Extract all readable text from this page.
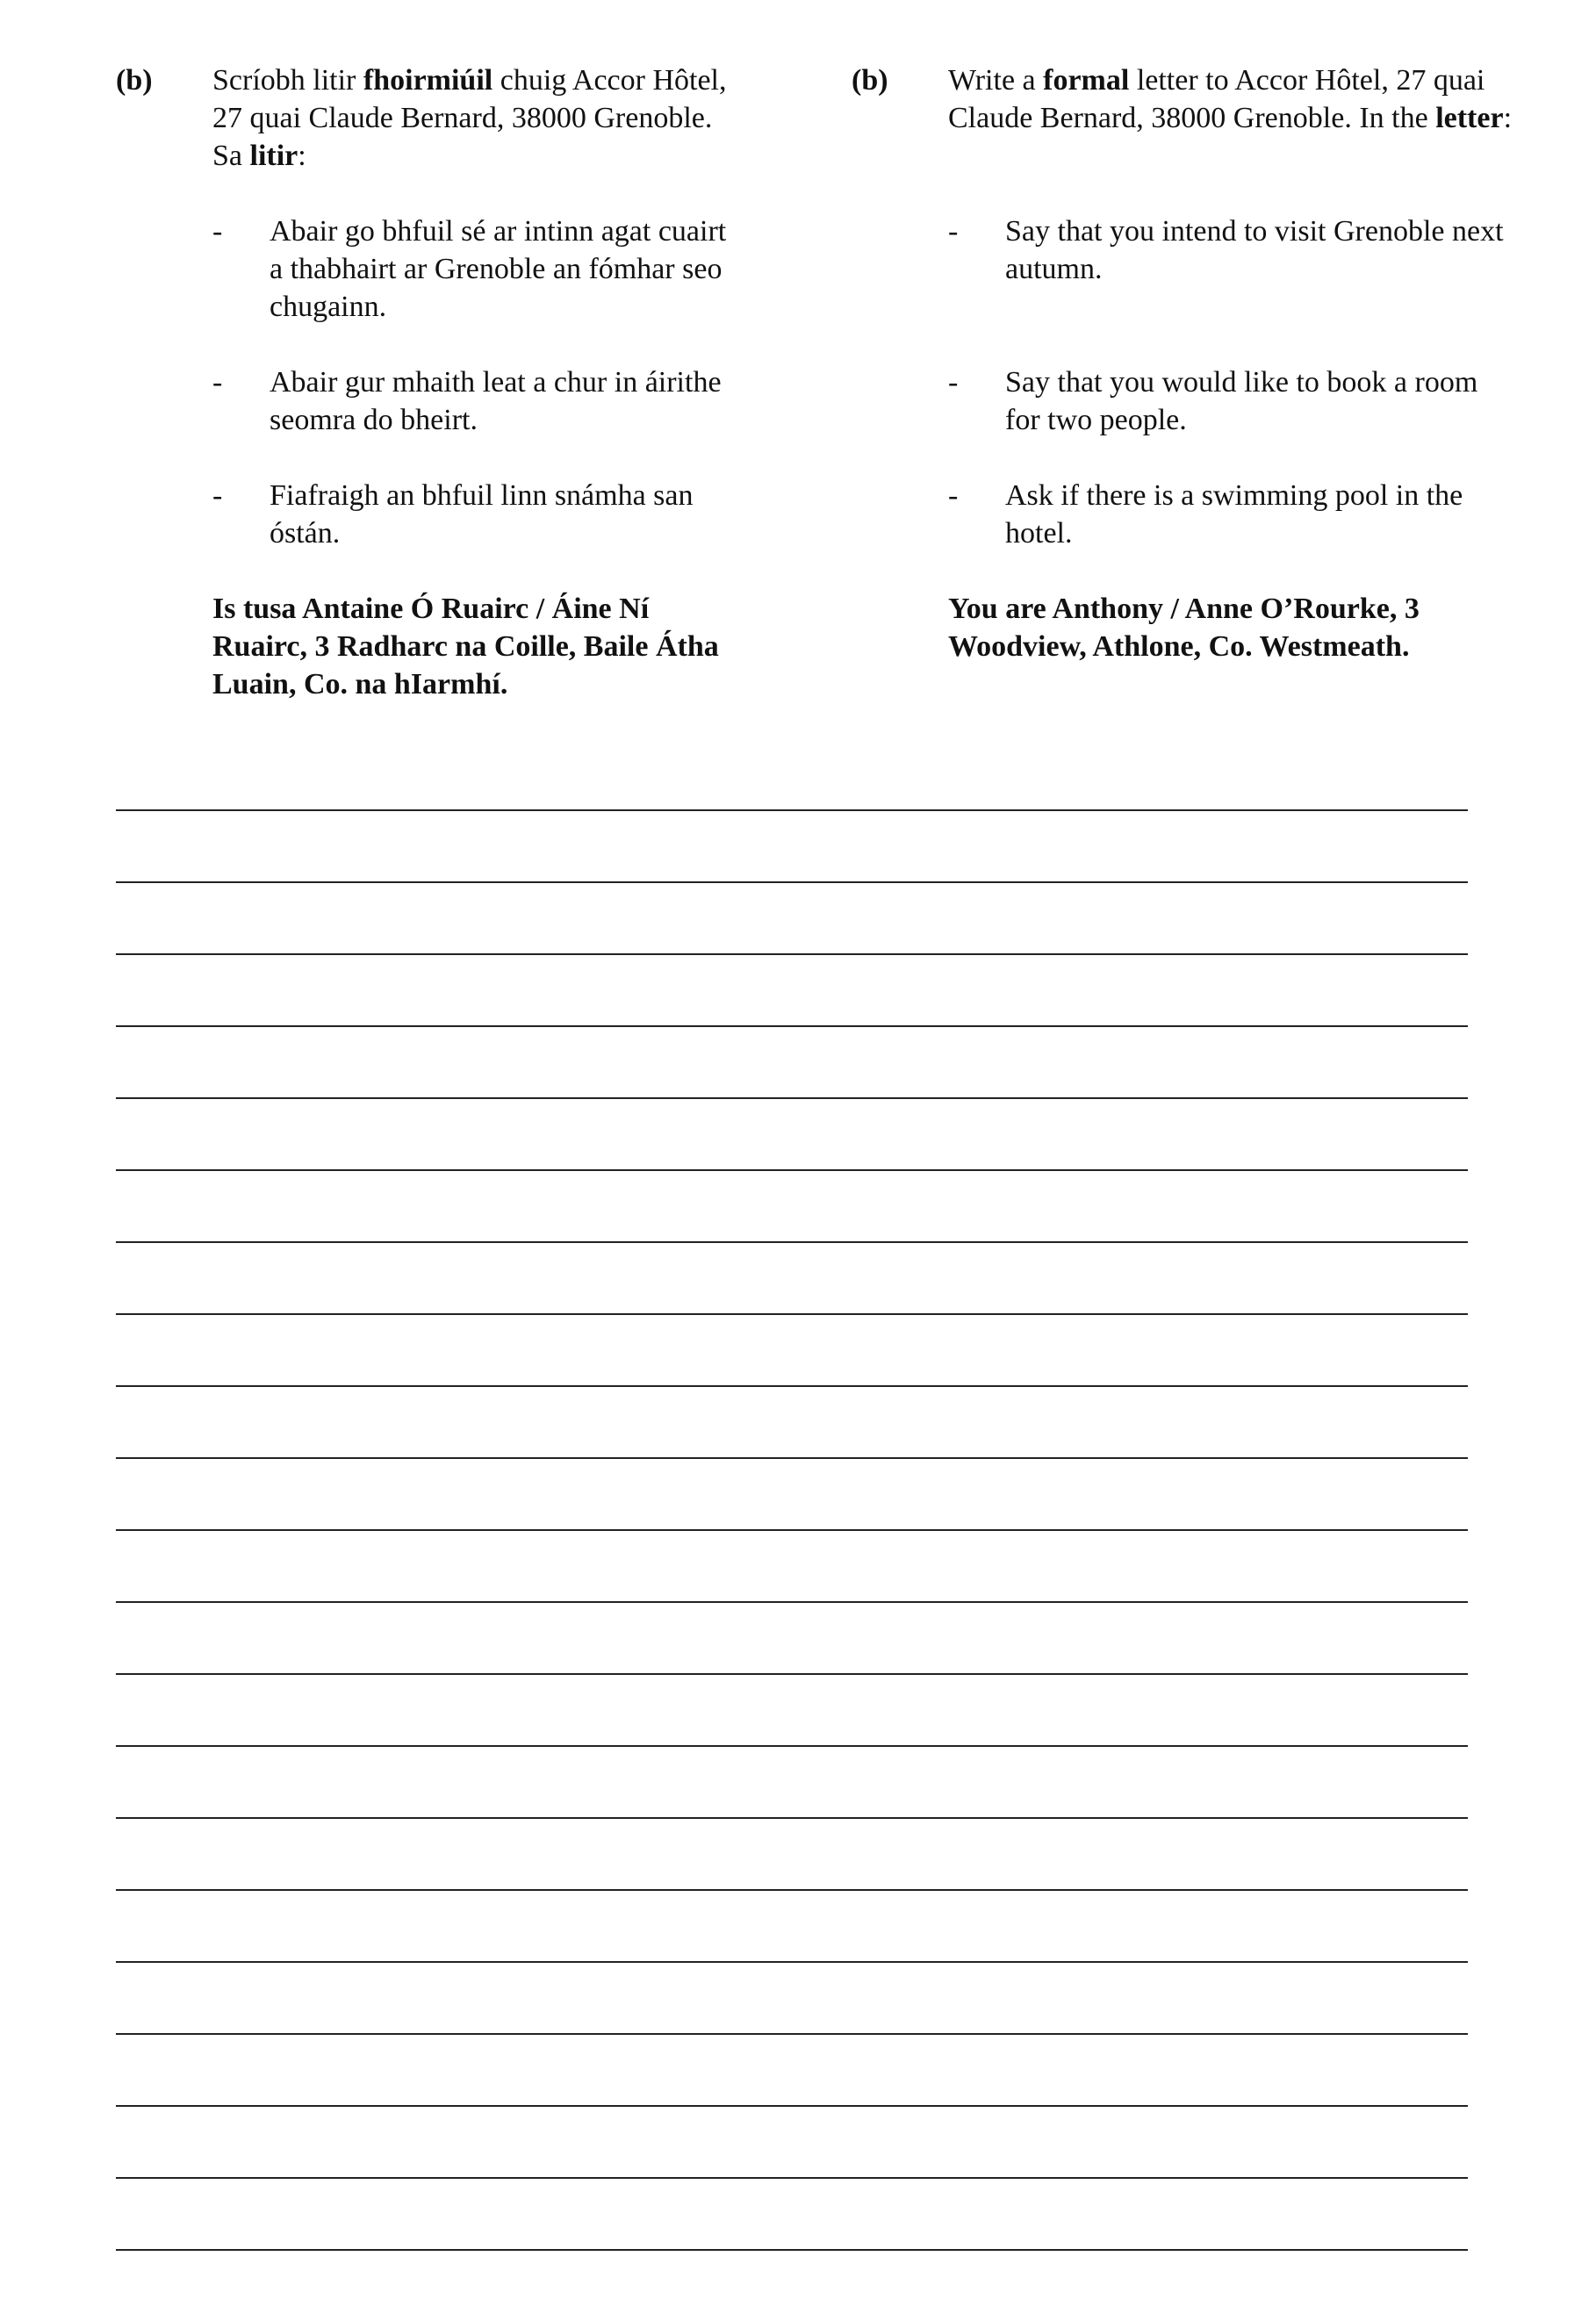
(b) Scríobh litir fhoirmiúil chuig Accor Hôtel, 27 quai Claude Bernard, 38000 Grenoble. Sa litir:

- Abair go bhfuil sé ar intinn agat cuairt a thabhairt ar Grenoble an fómhar seo chugainn.
- Abair gur mhaith leat a chur in áirithe seomra do bheirt.
- Fiafraigh an bhfuil linn snámha san óstán.
Is tusa Antaine Ó Ruairc / Áine Ní Ruairc, 3 Radharc na Coille, Baile Átha Luain, Co. na hIarmhí.
(b) Write a formal letter to Accor Hôtel, 27 quai Claude Bernard, 38000 Grenoble. In the letter:

- Say that you intend to visit Grenoble next autumn.
- Say that you would like to book a room for two people.
- Ask if there is a swimming pool in the hotel.
You are Anthony / Anne O’Rourke, 3 Woodview, Athlone, Co. Westmeath.
